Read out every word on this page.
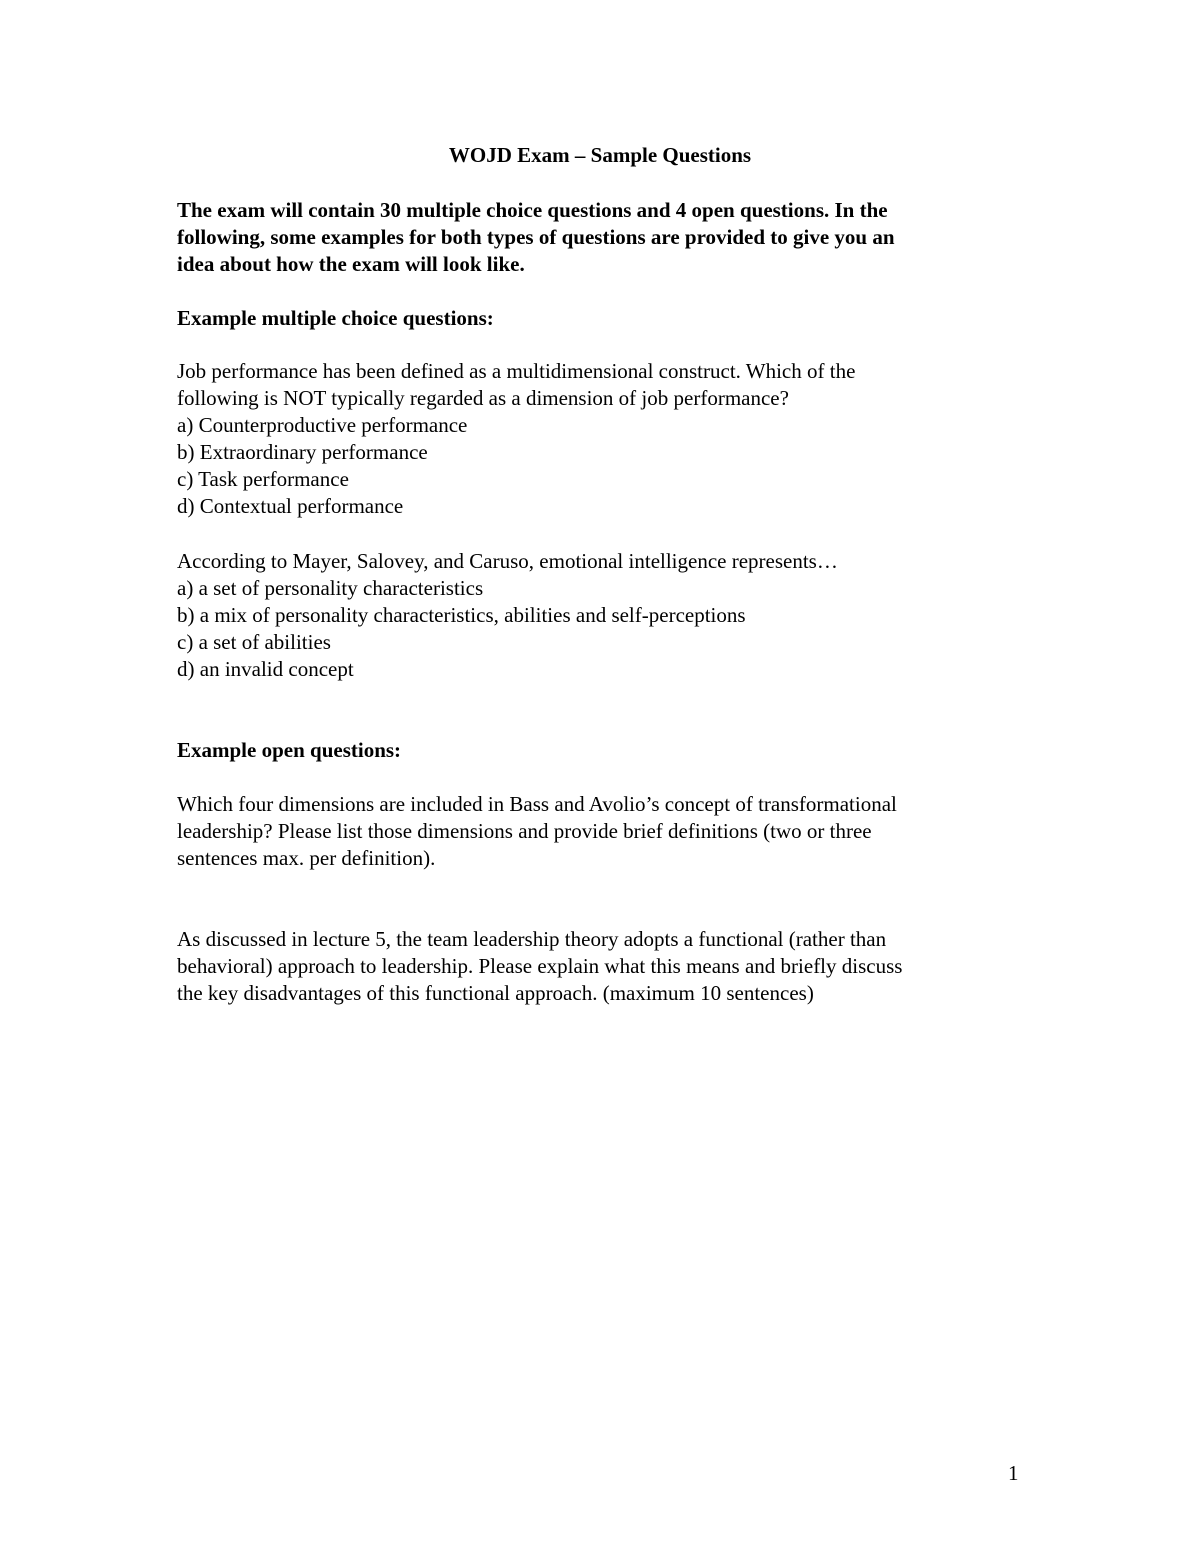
WOJD Exam – Sample Questions

The exam will contain 30 multiple choice questions and 4 open questions. In the
following, some examples for both types of questions are provided to give you an
idea about how the exam will look like.

Example multiple choice questions:

Job performance has been defined as a multidimensional construct. Which of the
following is NOT typically regarded as a dimension of job performance?
a) Counterproductive performance
b) Extraordinary performance
c) Task performance
d) Contextual performance
According to Mayer, Salovey, and Caruso, emotional intelligence represents…
a) a set of personality characteristics
b) a mix of personality characteristics, abilities and self-perceptions
c) a set of abilities
d) an invalid concept

Example open questions:

Which four dimensions are included in Bass and Avolio’s concept of transformational
leadership? Please list those dimensions and provide brief definitions (two or three
sentences max. per definition).
As discussed in lecture 5, the team leadership theory adopts a functional (rather than
behavioral) approach to leadership. Please explain what this means and briefly discuss
the key disadvantages of this functional approach. (maximum 10 sentences)
1
